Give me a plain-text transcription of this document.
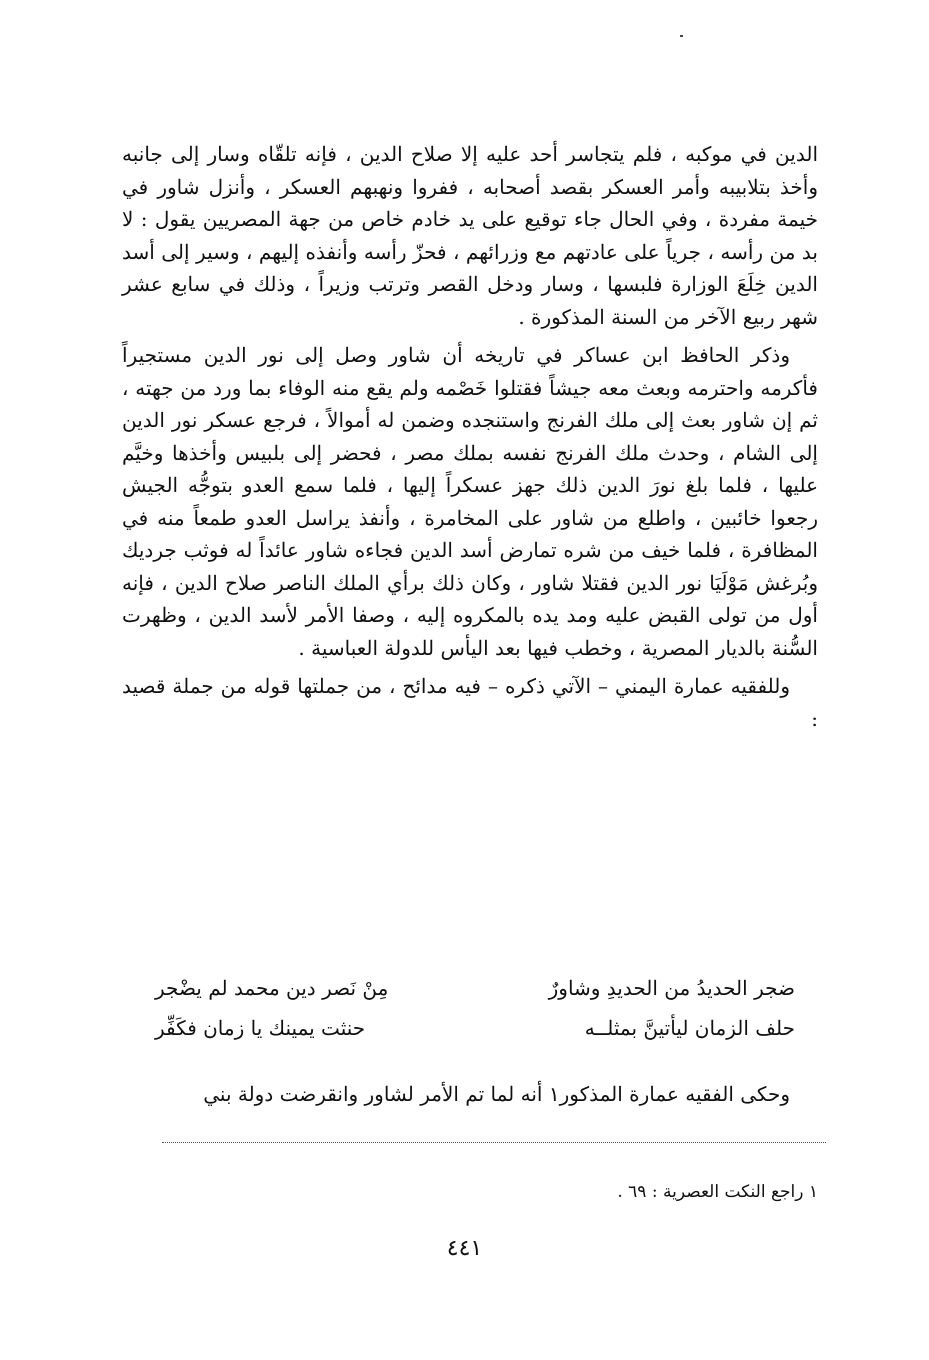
الدين في موكبه ، فلم يتجاسر أحد عليه إلا صلاح الدين ، فإنه تلقّاه وسار إلى جانبه وأخذ بتلابيبه وأمر العسكر بقصد أصحابه ، ففروا ونهبهم العسكر ، وأنزل شاور في خيمة مفردة ، وفي الحال جاء توقيع على يد خادم خاص من جهة المصريين يقول : لا بد من رأسه ، جرياً على عادتهم مع وزرائهم ، فحزّ رأسه وأنفذه إليهم ، وسير إلى أسد الدين خِلَعَ الوزارة فلبسها ، وسار ودخل القصر وترتب وزيراً ، وذلك في سابع عشر شهر ربيع الآخر من السنة المذكورة .

وذكر الحافظ ابن عساكر في تاريخه أن شاور وصل إلى نور الدين مستجيراً فأكرمه واحترمه وبعث معه جيشاً فقتلوا خَصْمه ولم يقع منه الوفاء بما ورد من جهته ، ثم إن شاور بعث إلى ملك الفرنج واستنجده وضمن له أموالاً ، فرجع عسكر نور الدين إلى الشام ، وحدث ملك الفرنج نفسه بملك مصر ، فحضر إلى بلبيس وأخذها وخيَّم عليها ، فلما بلغ نورَ الدين ذلك جهز عسكراً إليها ، فلما سمع العدو بتوجُّه الجيش رجعوا خائبين ، واطلع من شاور على المخامرة ، وأنفذ يراسل العدو طمعاً منه في المظافرة ، فلما خيف من شره تمارض أسد الدين فجاءه شاور عائداً له فوثب جرديك وبُرغش مَوْلَيَا نور الدين فقتلا شاور ، وكان ذلك برأي الملك الناصر صلاح الدين ، فإنه أول من تولى القبض عليه ومد يده بالمكروه إليه ، وصفا الأمر لأسد الدين ، وظهرت السُّنة بالديار المصرية ، وخطب فيها بعد اليأس للدولة العباسية .

وللفقيه عمارة اليمني – الآتي ذكره – فيه مدائح ، من جملتها قوله من جملة قصيد :

ضجر الحديدُ من الحديدِ وشاورٌ
مِنْ نَصر دين محمد لم يضْجر
حلف الزمان ليأتينَّ بمثلــه
حنثت يمينك يا زمان فكَفِّر

وحكى الفقيه عمارة المذكور١ أنه لما تم الأمر لشاور وانقرضت دولة بني

١ راجع النكت العصرية : ٦٩ .

٤٤١
